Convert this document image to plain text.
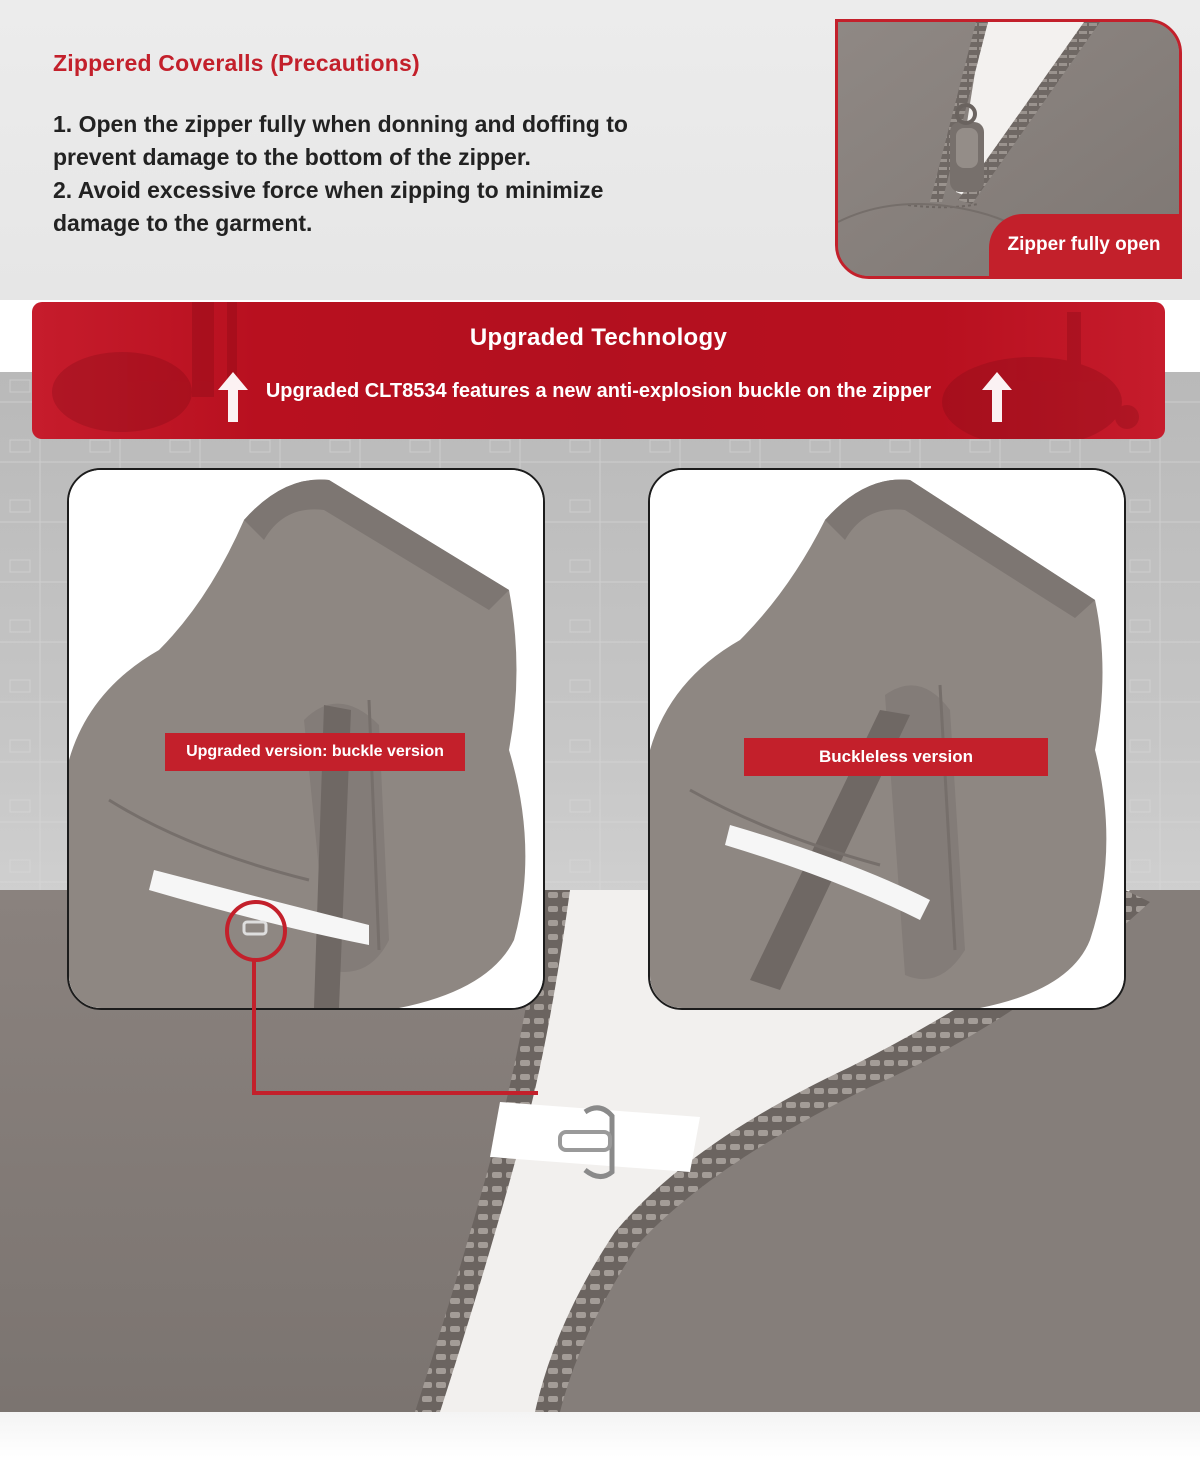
Zippered Coveralls (Precautions)
1. Open the zipper fully when donning and doffing to
prevent damage to the bottom of the zipper.
2. Avoid excessive force when zipping to minimize
damage to the garment.
Zipper fully open
Upgraded Technology
Upgraded CLT8534 features a new anti-explosion buckle on the zipper
Upgraded version: buckle version	Buckleless version
